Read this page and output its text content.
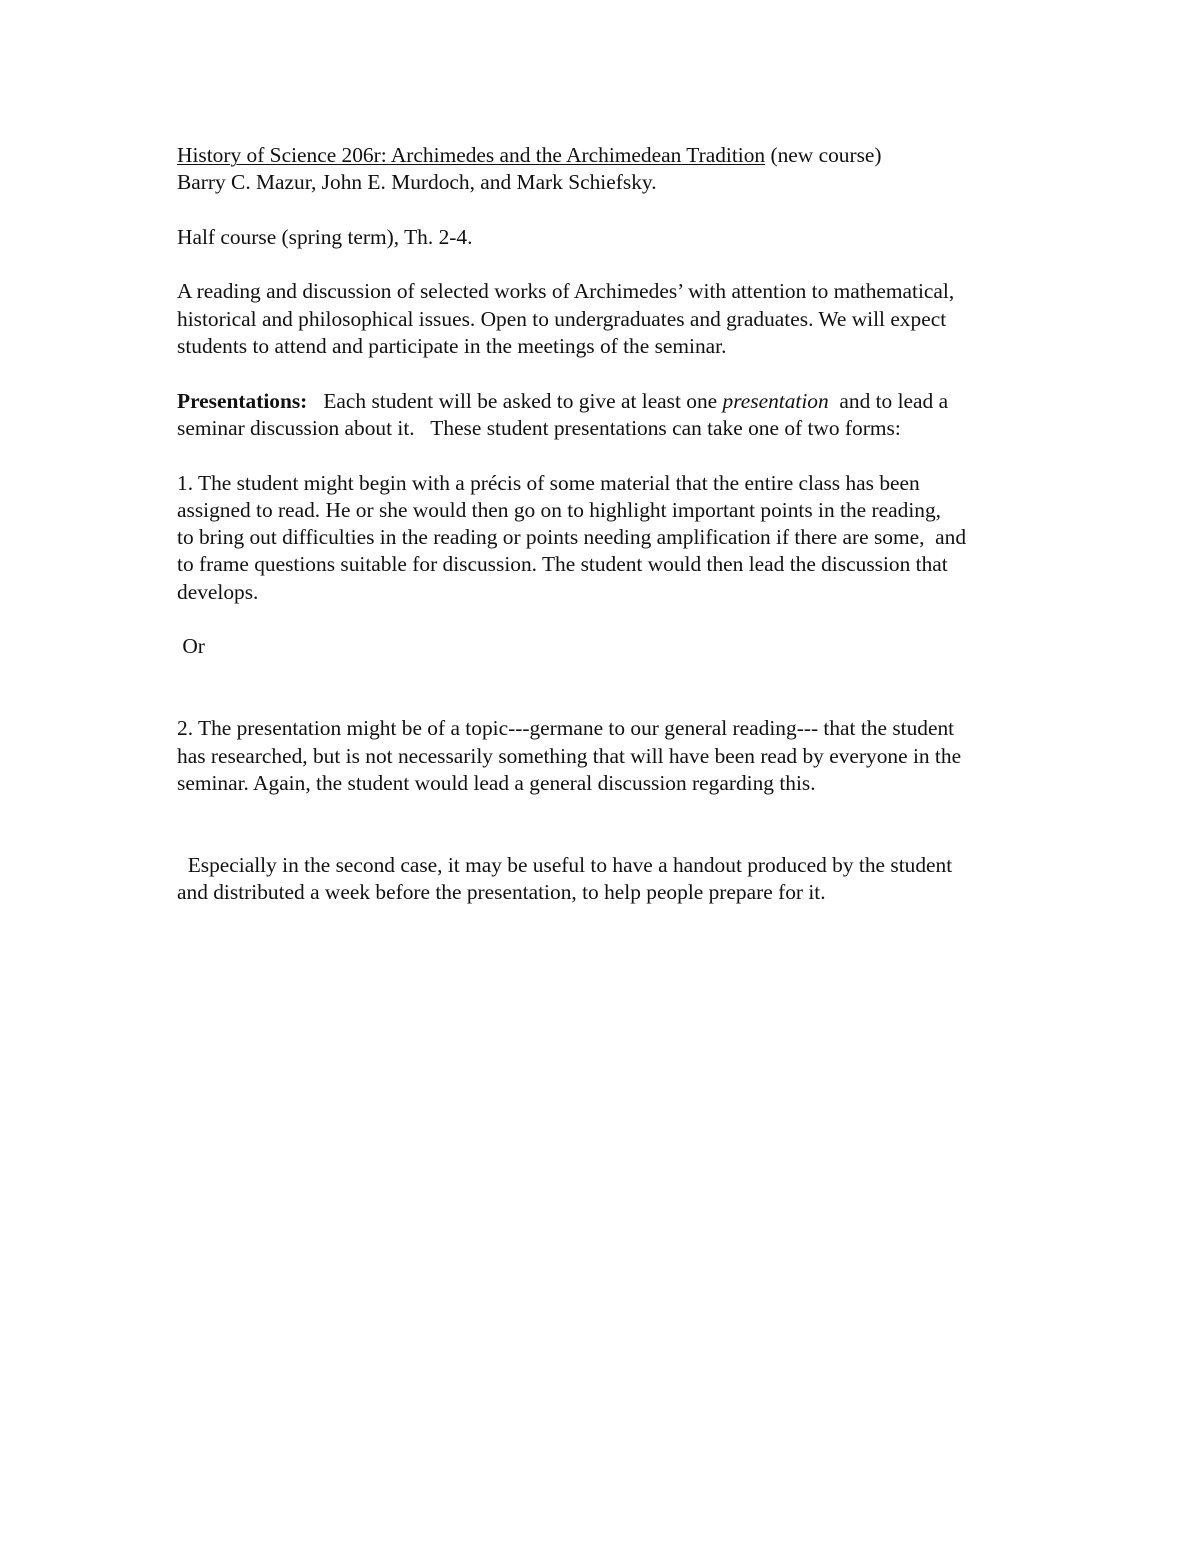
History of Science 206r: Archimedes and the Archimedean Tradition (new course)
Barry C. Mazur, John E. Murdoch, and Mark Schiefsky.
Half course (spring term), Th. 2-4.
A reading and discussion of selected works of Archimedes’ with attention to mathematical,
historical and philosophical issues. Open to undergraduates and graduates. We will expect
students to attend and participate in the meetings of the seminar.
Presentations:   Each student will be asked to give at least one presentation  and to lead a
seminar discussion about it.   These student presentations can take one of two forms:
1. The student might begin with a précis of some material that the entire class has been
assigned to read. He or she would then go on to highlight important points in the reading,
to bring out difficulties in the reading or points needing amplification if there are some,  and
to frame questions suitable for discussion. The student would then lead the discussion that
develops.
Or
2. The presentation might be of a topic---germane to our general reading--- that the student
has researched, but is not necessarily something that will have been read by everyone in the
seminar. Again, the student would lead a general discussion regarding this.
Especially in the second case, it may be useful to have a handout produced by the student
and distributed a week before the presentation, to help people prepare for it.
